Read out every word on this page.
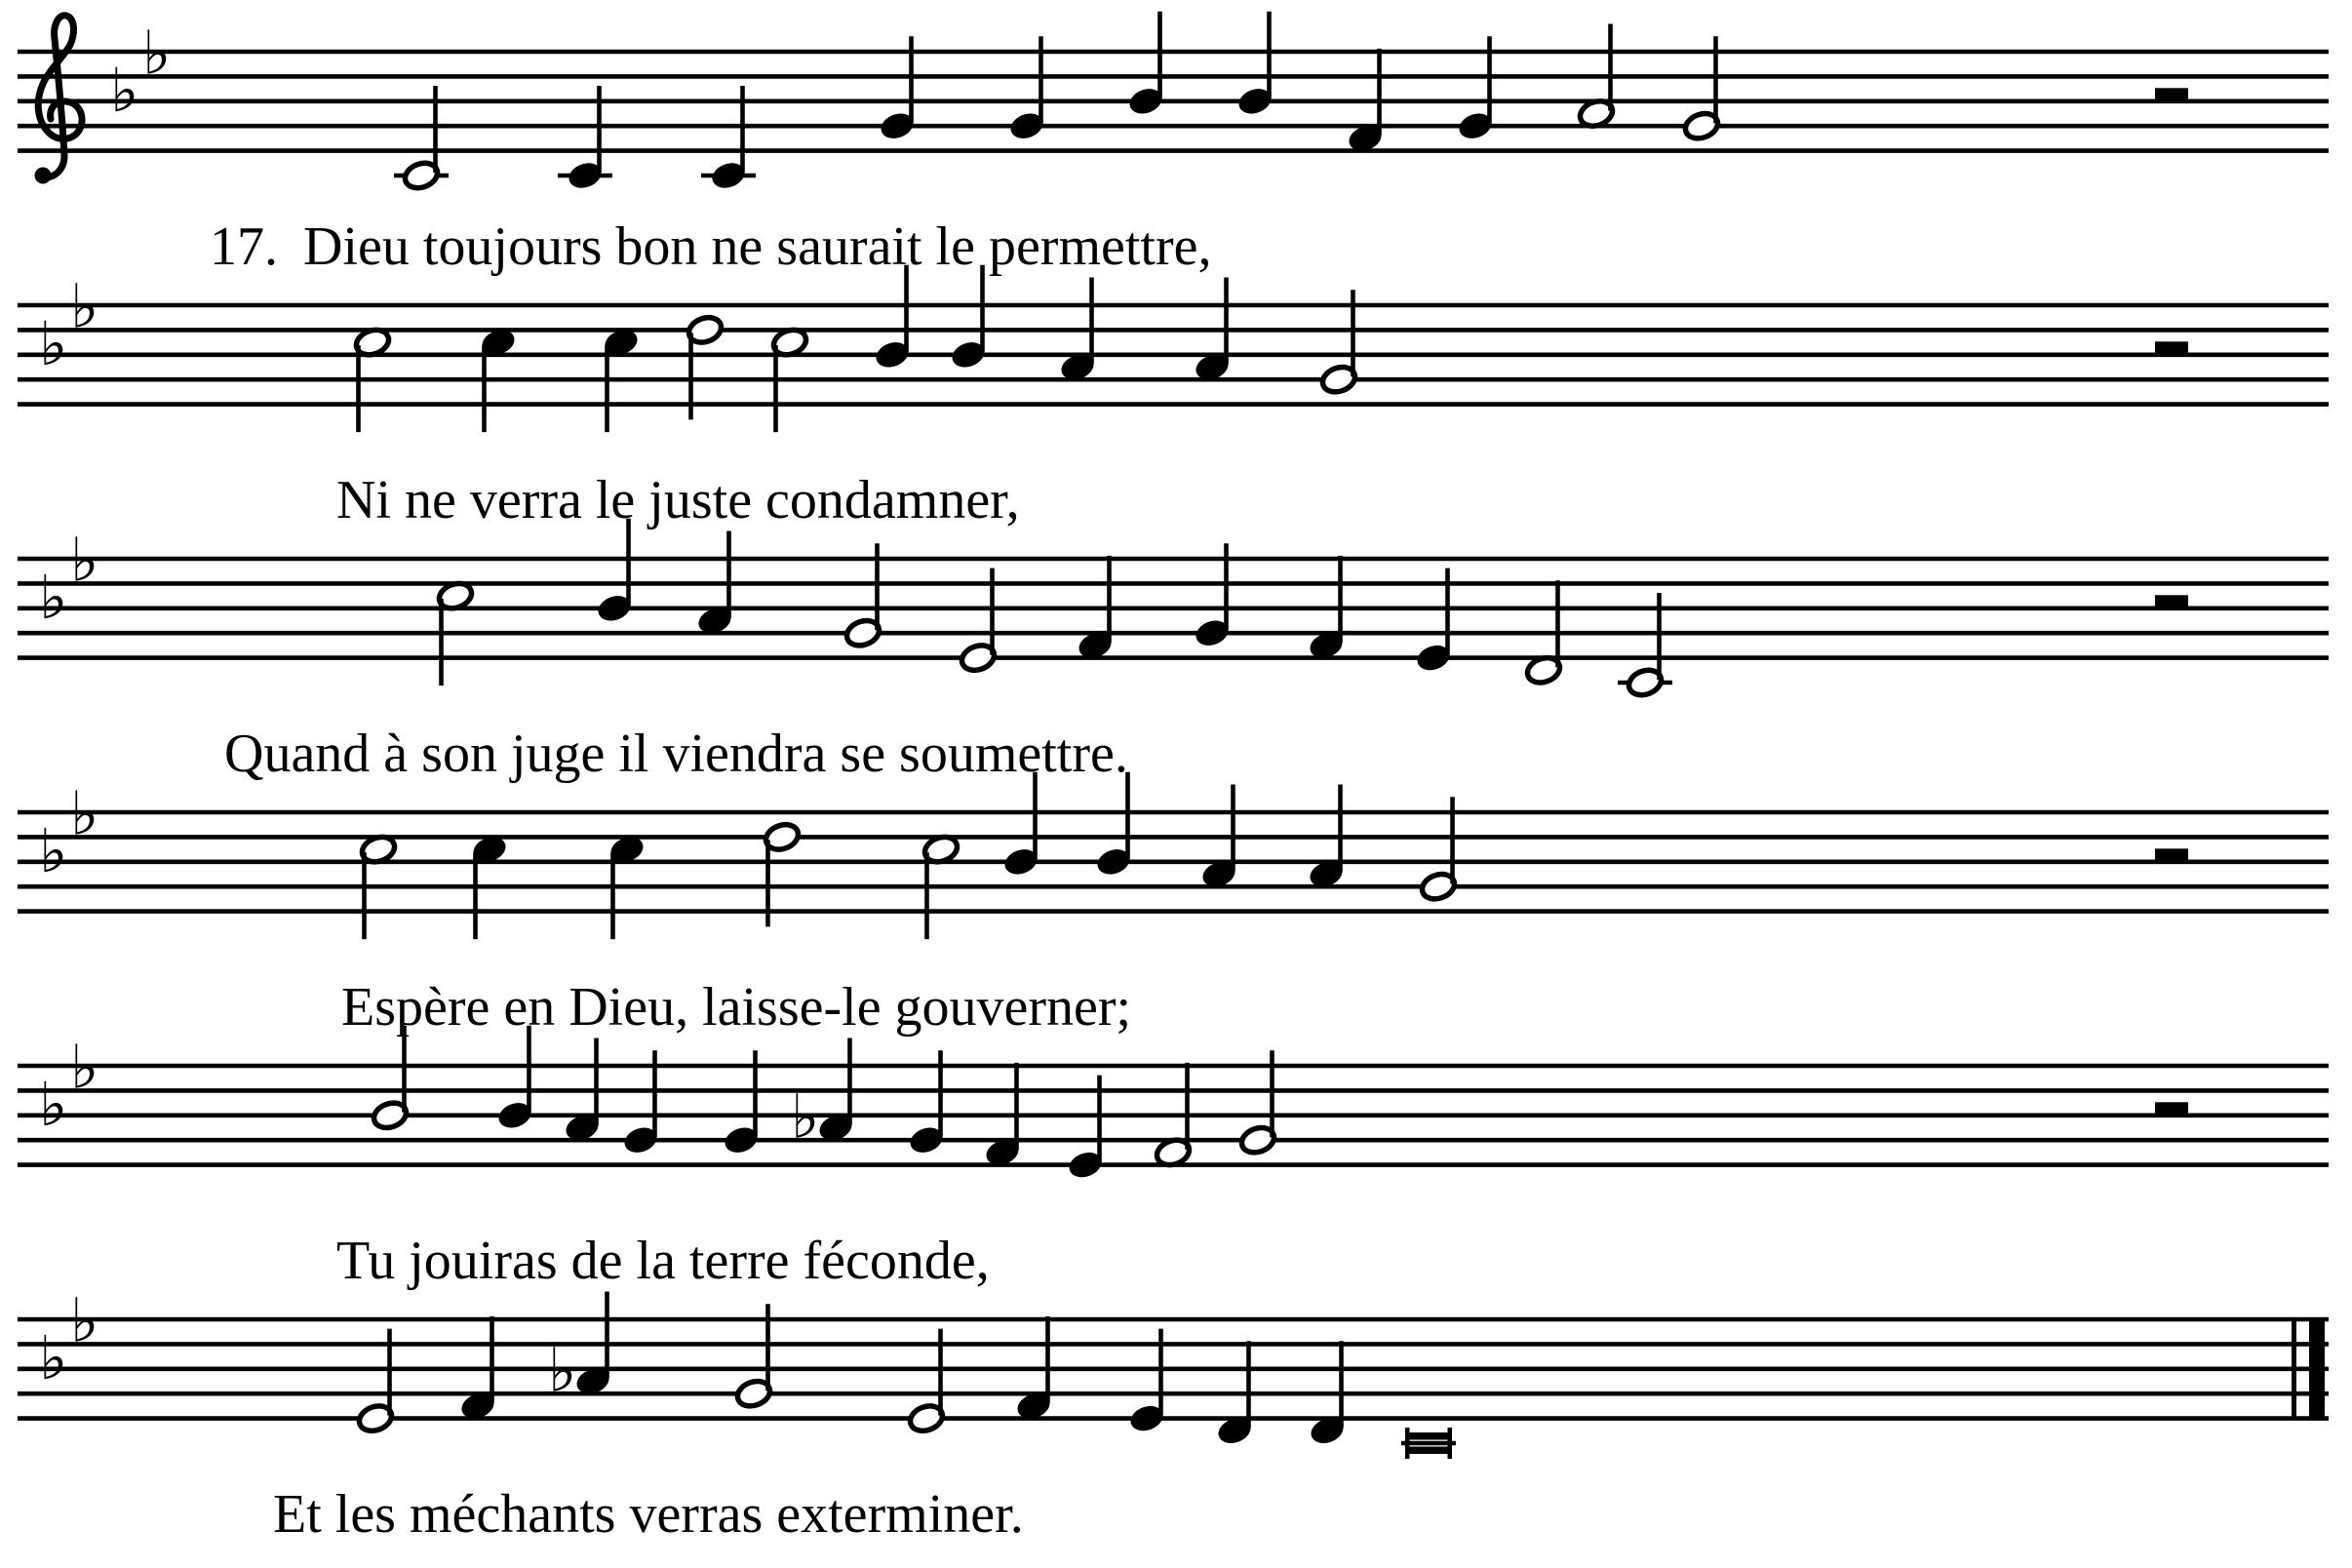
♭
♭
♭
♭
♭
♭
♭
♭
♭
♭
♭
♭
♭
♭
17. Dieu toujours bon ne saurait le permettre,
Ni ne verra le juste condamner,
Quand à son juge il viendra se soumettre.
Espère en Dieu, laisse-le gouverner;
Tu jouiras de la terre féconde,
Et les méchants verras exterminer.
